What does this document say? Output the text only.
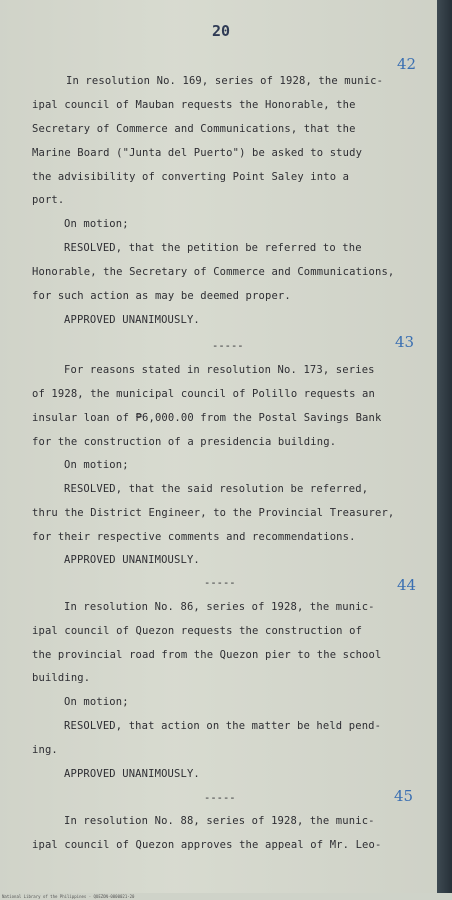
National Library of the Philippines · QUEZON-0000021-20
20
42
In resolution No. 169, series of 1928, the munic-
ipal council of Mauban requests the Honorable, the
Secretary of Commerce and Communications, that the
Marine Board ("Junta del Puerto") be asked to study
the advisibility of converting Point Saley into a
port.
On motion;
RESOLVED, that the petition be referred to the
Honorable, the Secretary of Commerce and Communications,
for such action as may be deemed proper.
APPROVED UNANIMOUSLY.
-----	43
For reasons stated in resolution No. 173, series
of 1928, the municipal council of Polillo requests an
insular loan of ₱6,000.00 from the Postal Savings Bank
for the construction of a presidencia building.
On motion;
RESOLVED, that the said resolution be referred,
thru the District Engineer, to the Provincial Treasurer,
for their respective comments and recommendations.
APPROVED UNANIMOUSLY.
-----	44
In resolution No. 86, series of 1928, the munic-
ipal council of Quezon requests the construction of
the provincial road from the Quezon pier to the school
building.
On motion;
RESOLVED, that action on the matter be held pend-
ing.
APPROVED UNANIMOUSLY.
-----	45
In resolution No. 88, series of 1928, the munic-
ipal council of Quezon approves the appeal of Mr. Leo-
